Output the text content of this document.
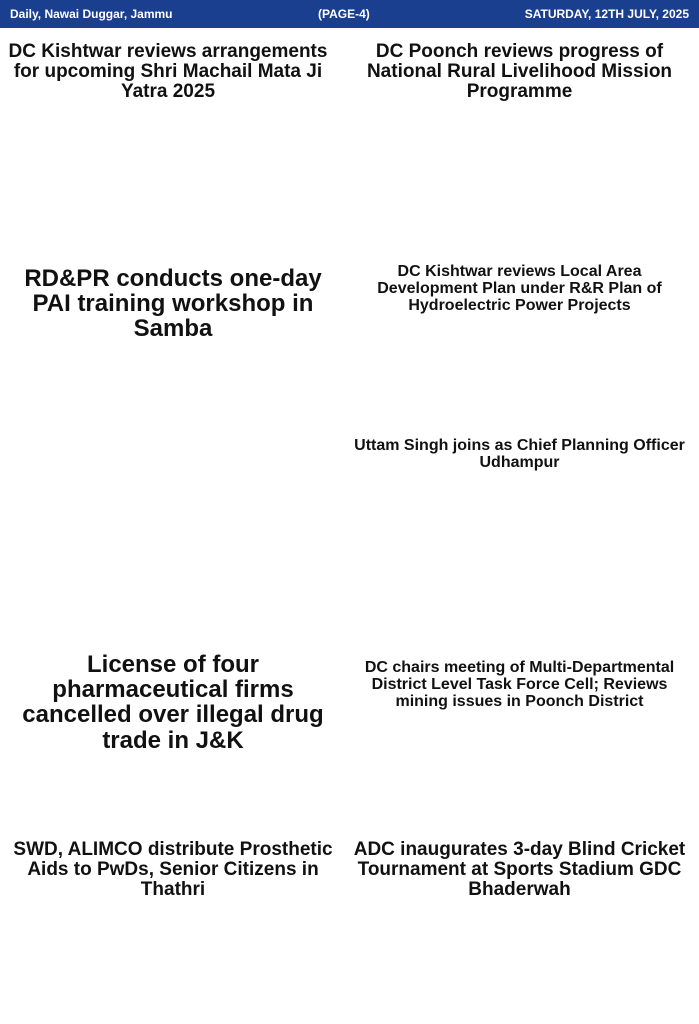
Daily, Nawai Duggar, Jammu	(PAGE-4)	SATURDAY, 12TH JULY, 2025
DC Kishtwar reviews arrangements for upcoming Shri Machail Mata Ji Yatra 2025
DC Poonch reviews progress of National Rural Livelihood Mission Programme
DC Kishtwar reviews Local Area Development Plan under R&R Plan of Hydroelectric Power Projects
RD&PR conducts one-day PAI training workshop in Samba
Uttam Singh joins as Chief Planning Officer Udhampur
License of four pharmaceutical firms cancelled over illegal drug trade in J&K
DC chairs meeting of Multi-Departmental District Level Task Force Cell; Reviews mining issues in Poonch District
SWD, ALIMCO distribute Prosthetic Aids to PwDs, Senior Citizens in Thathri
ADC inaugurates 3-day Blind Cricket Tournament at Sports Stadium GDC Bhaderwah
